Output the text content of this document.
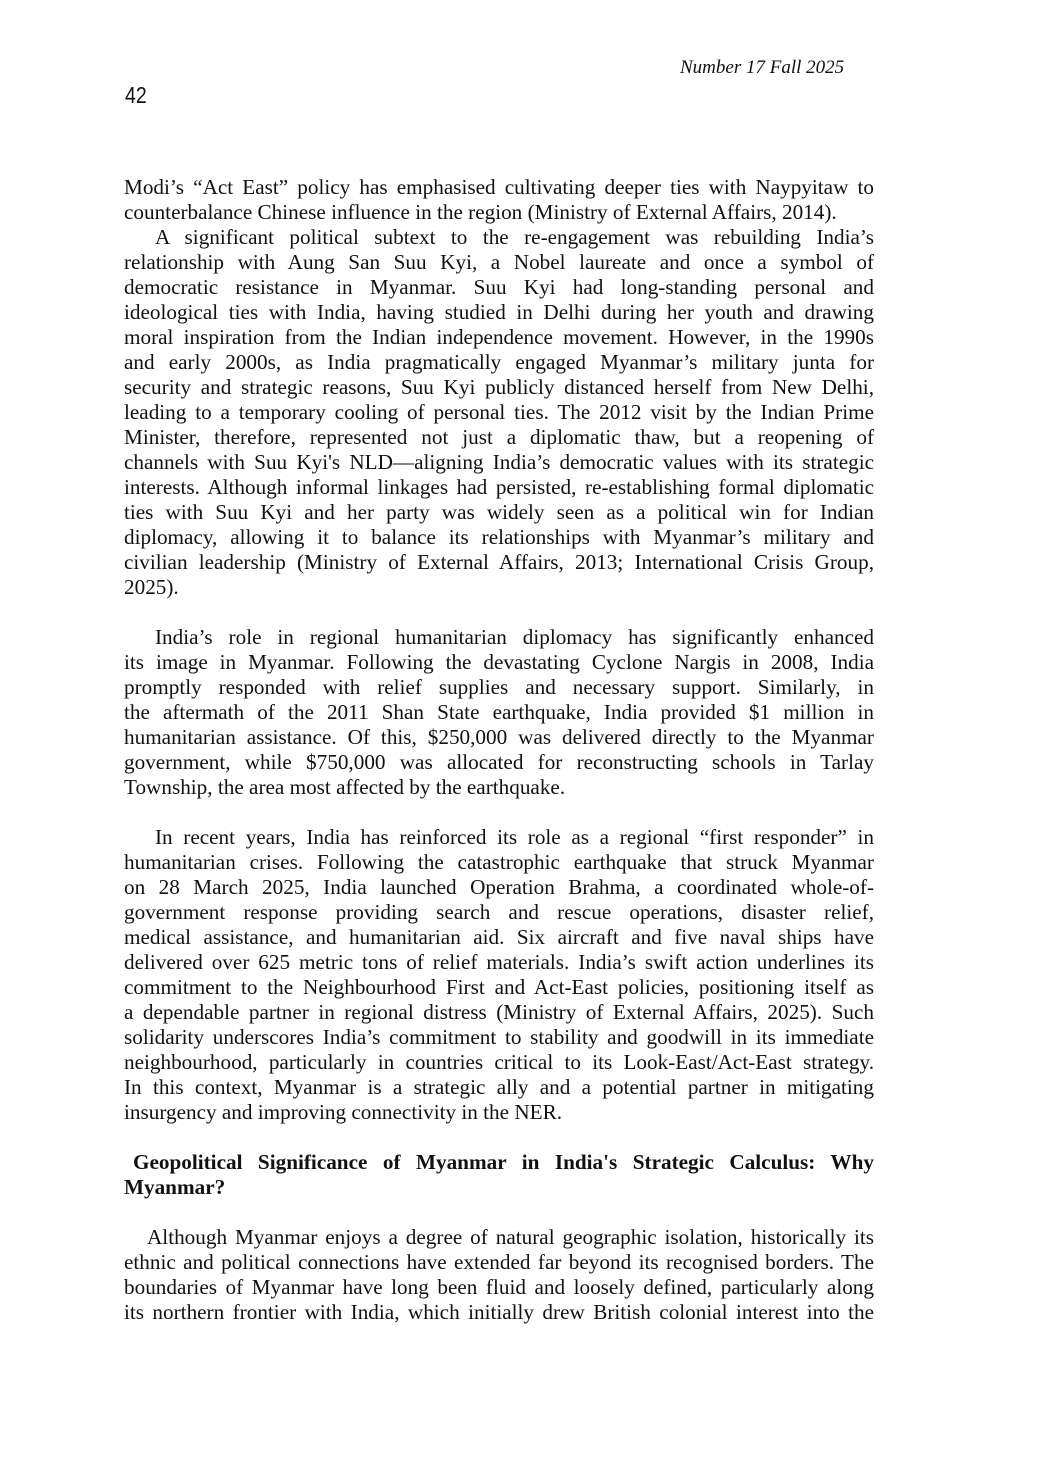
Number 17 Fall 2025
42
Modi’s “Act East” policy has emphasised cultivating deeper ties with Naypyitaw to
counterbalance Chinese influence in the region (Ministry of External Affairs, 2014).
A significant political subtext to the re-engagement was rebuilding India’s
relationship with Aung San Suu Kyi, a Nobel laureate and once a symbol of
democratic resistance in Myanmar. Suu Kyi had long-standing personal and
ideological ties with India, having studied in Delhi during her youth and drawing
moral inspiration from the Indian independence movement. However, in the 1990s
and early 2000s, as India pragmatically engaged Myanmar’s military junta for
security and strategic reasons, Suu Kyi publicly distanced herself from New Delhi,
leading to a temporary cooling of personal ties. The 2012 visit by the Indian Prime
Minister, therefore, represented not just a diplomatic thaw, but a reopening of
channels with Suu Kyi's NLD—aligning India’s democratic values with its strategic
interests. Although informal linkages had persisted, re-establishing formal diplomatic
ties with Suu Kyi and her party was widely seen as a political win for Indian
diplomacy, allowing it to balance its relationships with Myanmar’s military and
civilian leadership (Ministry of External Affairs, 2013; International Crisis Group,
2025).
India’s role in regional humanitarian diplomacy has significantly enhanced
its image in Myanmar. Following the devastating Cyclone Nargis in 2008, India
promptly responded with relief supplies and necessary support. Similarly, in
the aftermath of the 2011 Shan State earthquake, India provided $1 million in
humanitarian assistance. Of this, $250,000 was delivered directly to the Myanmar
government, while $750,000 was allocated for reconstructing schools in Tarlay
Township, the area most affected by the earthquake.
In recent years, India has reinforced its role as a regional “first responder” in
humanitarian crises. Following the catastrophic earthquake that struck Myanmar
on 28 March 2025, India launched Operation Brahma, a coordinated whole-of-
government response providing search and rescue operations, disaster relief,
medical assistance, and humanitarian aid. Six aircraft and five naval ships have
delivered over 625 metric tons of relief materials. India’s swift action underlines its
commitment to the Neighbourhood First and Act-East policies, positioning itself as
a dependable partner in regional distress (Ministry of External Affairs, 2025). Such
solidarity underscores India’s commitment to stability and goodwill in its immediate
neighbourhood, particularly in countries critical to its Look-East/Act-East strategy.
In this context, Myanmar is a strategic ally and a potential partner in mitigating
insurgency and improving connectivity in the NER.
Geopolitical Significance of Myanmar in India's Strategic Calculus: Why
Myanmar?
Although Myanmar enjoys a degree of natural geographic isolation, historically its
ethnic and political connections have extended far beyond its recognised borders. The
boundaries of Myanmar have long been fluid and loosely defined, particularly along
its northern frontier with India, which initially drew British colonial interest into the
